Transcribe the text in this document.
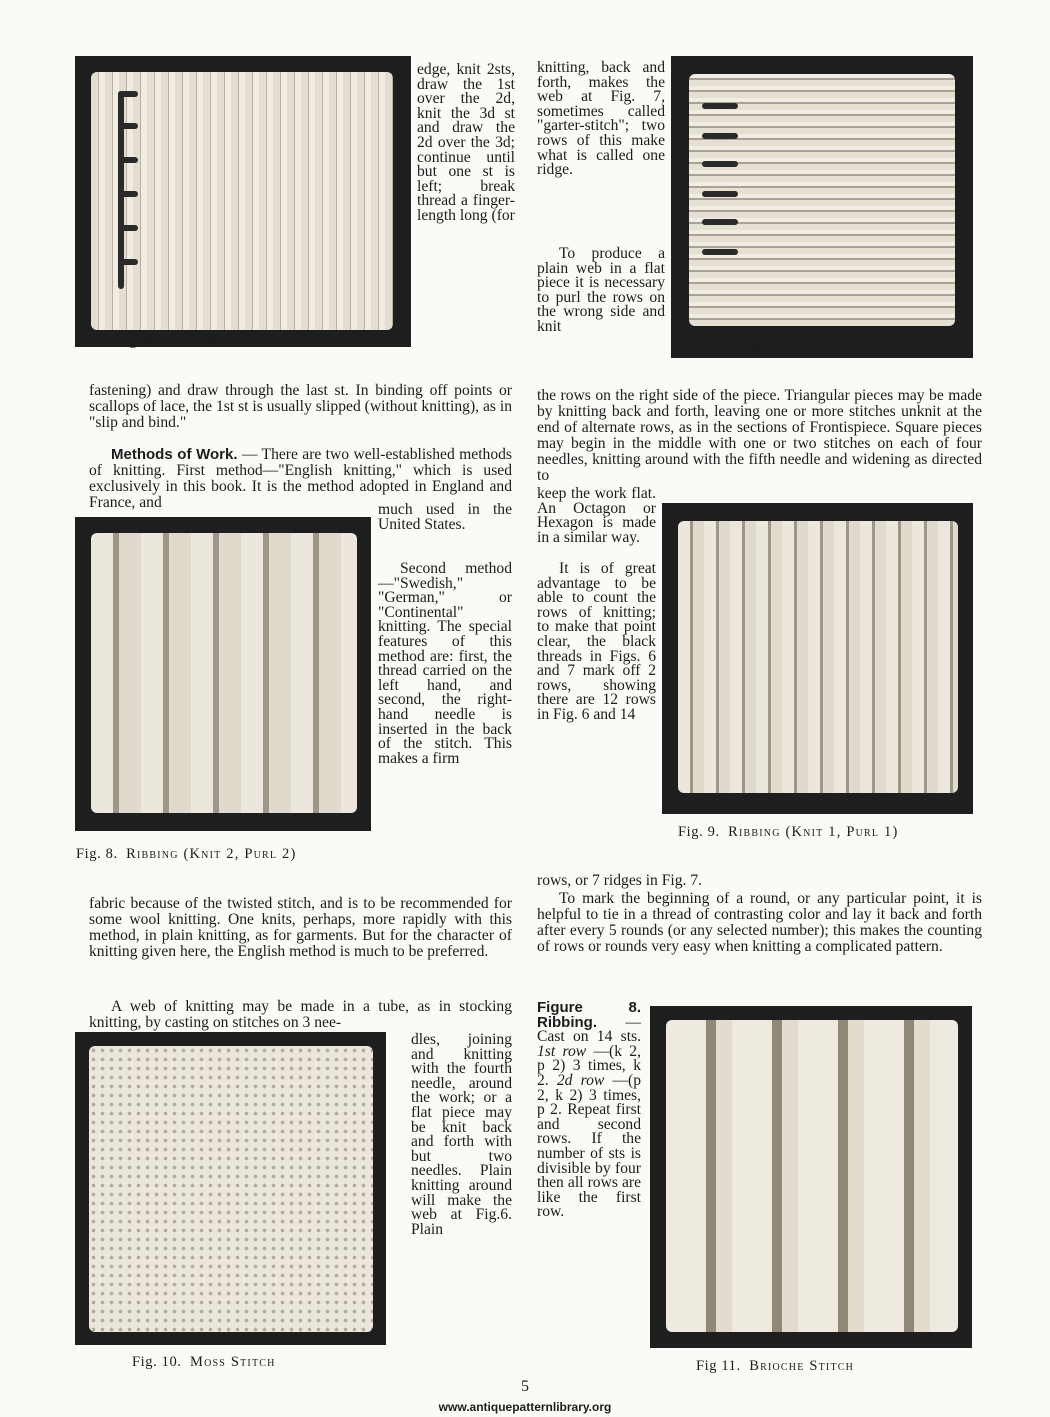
Fig. 6. Plain Knitting	Fig. 7. Garter Stitch
Fig. 8. Ribbing (Knit 2, Purl 2)
Fig. 9. Ribbing (Knit 1, Purl 1)
Fig. 10. Moss Stitch	Fig 11. Brioche Stitch

edge, knit 2sts, draw the 1st over the 2d, knit the 3d st and draw the 2d over the 3d; continue until but one st is left; break thread a finger-length long (for

fastening) and draw through the last st. In binding off points or scallops of lace, the 1st st is usually slipped (without knitting), as in "slip and bind."

Methods of Work. — There are two well-established methods of knitting. First method—"English knitting," which is used exclusively in this book. It is the method adopted in England and France, and	much used in the United States.

Second method—"Swedish," "German," or "Continental" knitting. The special features of this method are: first, the thread carried on the left hand, and second, the right-hand needle is inserted in the back of the stitch. This makes a firm

fabric because of the twisted stitch, and is to be recommended for some wool knitting. One knits, perhaps, more rapidly with this method, in plain knitting, as for garments. But for the character of knitting given here, the English method is much to be preferred.

A web of knitting may be made in a tube, as in stocking knitting, by casting on stitches on 3 nee-

dles, joining and knitting with the fourth needle, around the work; or a flat piece may be knit back and forth with but two needles. Plain knitting around will make the web at Fig.6. Plain

knitting, back and forth, makes the web at Fig. 7, sometimes called "garter-stitch"; two rows of this make what is called one ridge.

To produce a plain web in a flat piece it is necessary to purl the rows on the wrong side and knit

the rows on the right side of the piece. Triangular pieces may be made by knitting back and forth, leaving one or more stitches unknit at the end of alternate rows, as in the sections of Frontispiece. Square pieces may begin in the middle with one or two stitches on each of four needles, knitting around with the fifth needle and widening as directed to

keep the work flat. An Octagon or Hexagon is made in a similar way.

It is of great advantage to be able to count the rows of knitting; to make that point clear, the black threads in Figs. 6 and 7 mark off 2 rows, showing there are 12 rows in Fig. 6 and 14

rows, or 7 ridges in Fig. 7.

To mark the beginning of a round, or any particular point, it is helpful to tie in a thread of contrasting color and lay it back and forth after every 5 rounds (or any selected number); this makes the counting of rows or rounds very easy when knitting a complicated pattern.

Figure 8. Ribbing. — Cast on 14 sts. 1st row —(k 2, p 2) 3 times, k 2. 2d row —(p 2, k 2) 3 times, p 2. Repeat first and second rows. If the number of sts is divisible by four then all rows are like the first row.

5
www.antiquepatternlibrary.org
